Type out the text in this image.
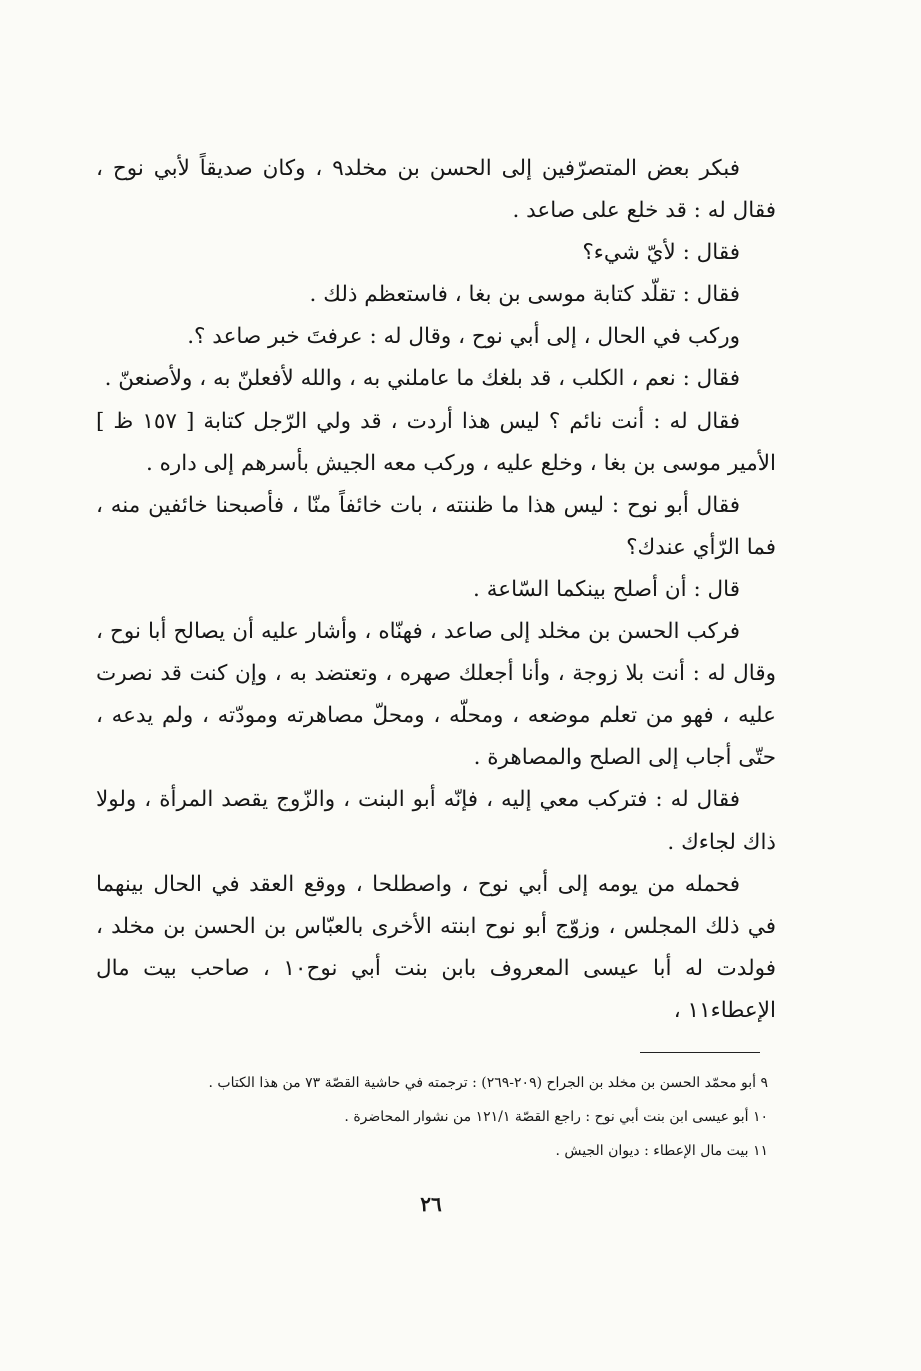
فبكر بعض المتصرّفين إلى الحسن بن مخلد٩ ، وكان صديقاً لأبي نوح ، فقال له : قد خلع على صاعد .

فقال : لأيّ شيء؟

فقال : تقلّد كتابة موسى بن بغا ، فاستعظم ذلك .

وركب في الحال ، إلى أبي نوح ، وقال له : عرفتَ خبر صاعد ؟.

فقال : نعم ، الكلب ، قد بلغك ما عاملني به ، والله لأفعلنّ به ، ولأصنعنّ .

فقال له : أنت نائم ؟ ليس هذا أردت ، قد ولي الرّجل كتابة [ ١٥٧ ظ ] الأمير موسى بن بغا ، وخلع عليه ، وركب معه الجيش بأسرهم إلى داره .

فقال أبو نوح : ليس هذا ما ظننته ، بات خائفاً منّا ، فأصبحنا خائفين منه ، فما الرّأي عندك؟

قال : أن أصلح بينكما السّاعة .

فركب الحسن بن مخلد إلى صاعد ، فهنّاه ، وأشار عليه أن يصالح أبا نوح ، وقال له : أنت بلا زوجة ، وأنا أجعلك صهره ، وتعتضد به ، وإن كنت قد نصرت عليه ، فهو من تعلم موضعه ، ومحلّه ، ومحلّ مصاهرته ومودّته ، ولم يدعه ، حتّى أجاب إلى الصلح والمصاهرة .

فقال له : فتركب معي إليه ، فإنّه أبو البنت ، والزّوج يقصد المرأة ، ولولا ذاك لجاءك .

فحمله من يومه إلى أبي نوح ، واصطلحا ، ووقع العقد في الحال بينهما في ذلك المجلس ، وزوّج أبو نوح ابنته الأخرى بالعبّاس بن الحسن بن مخلد ، فولدت له أبا عيسى المعروف بابن بنت أبي نوح١٠ ، صاحب بيت مال الإعطاء١١ ،

٩ أبو محمّد الحسن بن مخلد بن الجراح (٢٠٩-٢٦٩) : ترجمته في حاشية القصّة ٧٣ من هذا الكتاب .

١٠ أبو عيسى ابن بنت أبي نوح : راجع القصّة ١٢١/١ من نشوار المحاضرة .

١١ بيت مال الإعطاء : ديوان الجيش .

٢٦
